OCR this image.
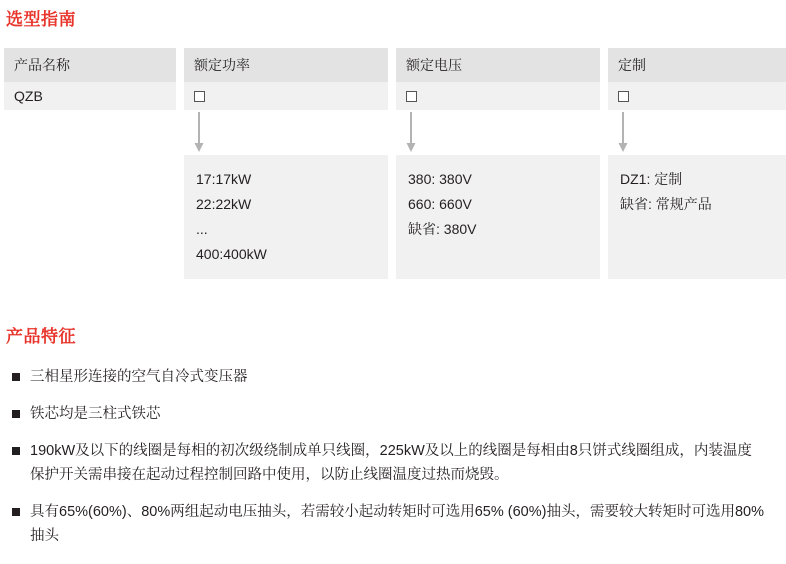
选型指南
产品名称
QZB
额定功率
17:17kW
22:22kW
...
400:400kW
额定电压
380: 380V
660: 660V
缺省: 380V
定制
DZ1: 定制
缺省: 常规产品
产品特征
三相星形连接的空气自冷式变压器
铁芯均是三柱式铁芯
190kW及以下的线圈是每相的初次级绕制成单只线圈，225kW及以上的线圈是每相由8只饼式线圈组成，内装温度保护开关需串接在起动过程控制回路中使用，以防止线圈温度过热而烧毁。
具有65%(60%)、80%两组起动电压抽头，若需较小起动转矩时可选用65% (60%)抽头，需要较大转矩时可选用80%抽头
